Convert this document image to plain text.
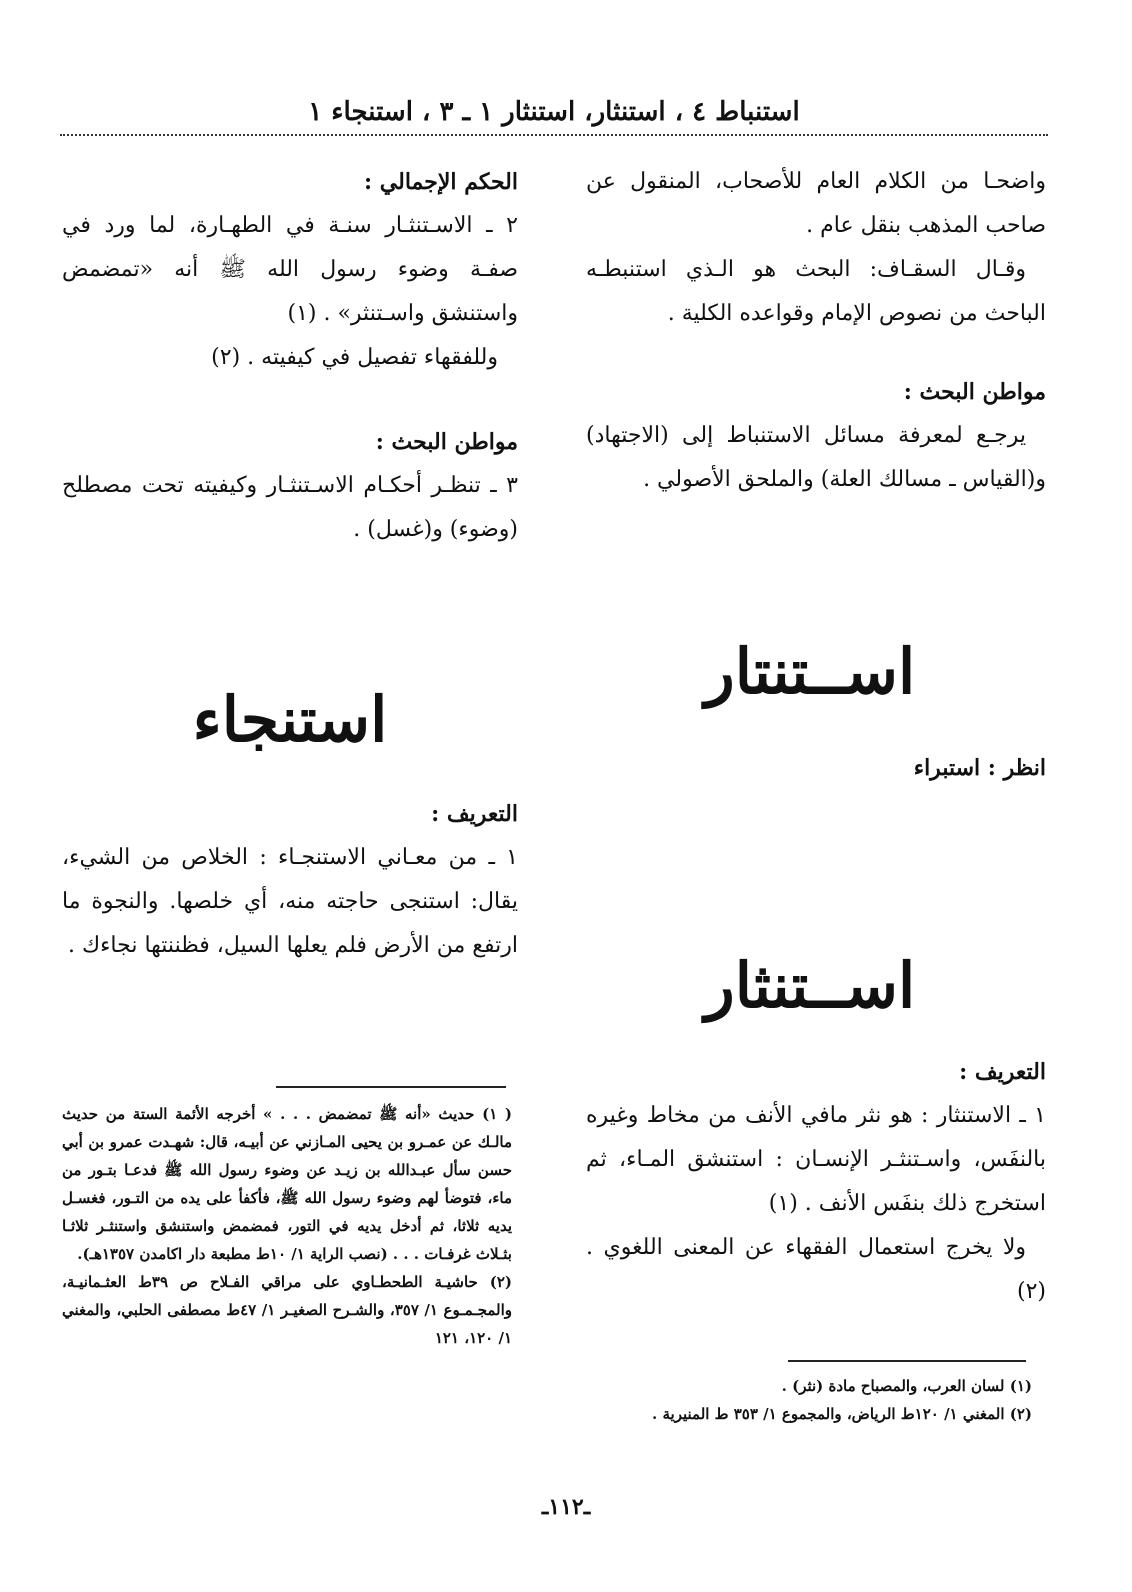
استنباط ٤ ، استنثار، استنثار ١ ـ ٣ ، استنجاء ١

واضحـا من الكلام العام للأصحاب، المنقول عن صاحب المذهب بنقل عام .

وقـال السقـاف: البحث هو الـذي استنبطـه الباحث من نصوص الإمام وقواعده الكلية .

مواطن البحث :

يرجـع لمعرفة مسائل الاستنباط إلى (الاجتهاد) و(القياس ـ مسالك العلة) والملحق الأصولي .

الحكم الإجمالي :

٢ ـ الاسـتنثـار سنـة في الطهـارة، لما ورد في صفـة وضوء رسول الله ﷺ أنه «تمضمض واستنشق واسـتنثر» . (١)

وللفقهاء تفصيل في كيفيته . (٢)

مواطن البحث :

٣ ـ تنظـر أحكـام الاسـتنثـار وكيفيته تحت مصطلح (وضوء) و(غسل) .

اســتنتار
انظر : استبراء
استنجاء

التعريف :

١ ـ من معـاني الاستنجـاء : الخلاص من الشيء، يقال: استنجى حاجته منه، أي خلصها. والنجوة ما ارتفع من الأرض فلم يعلها السيل، فظننتها نجاءك .

اســتنثار

التعريف :

١ ـ الاستنثار : هو نثر مافي الأنف من مخاط وغيره بالنفَس، واسـتنثـر الإنسـان : استنشق المـاء، ثم استخرج ذلك بنفَس الأنف . (١)

ولا يخرج استعمال الفقهاء عن المعنى اللغوي . (٢)

( ١) حديث «أنه ﷺ تمضمض . . . » أخرجه الأئمة الستة من حديث مالـك عن عمـرو بن يحيى المـازني عن أبيـه، قال: شهـدت عمرو بن أبي حسن سأل عبـدالله بن زيـد عن وضوء رسول الله ﷺ فدعـا بتـور من ماء، فتوضأ لهم وضوء رسول الله ﷺ، فأكفأ على يده من التـور، فغسـل يديه ثلاثا، ثم أدخل يديه في التور، فمضمض واستنشق واستنثـر ثلاثـا بثـلاث غرفـات . . . (نصب الراية ١/ ١٠ط مطبعة دار اكامدن ١٣٥٧هـ).

(٢) حاشيـة الطحطـاوي على مراقي الفـلاح ص ٣٩ط العثـمانيـة، والمجـمـوع ١/ ٣٥٧، والشـرح الصغيـر ١/ ٤٧ط مصطفى الحلبي، والمغني ١/ ١٢٠، ١٢١

(١) لسان العرب، والمصباح مادة (نثر) .

(٢) المغني ١/ ١٢٠ط الرياض، والمجموع ١/ ٣٥٣ ط المنيرية .

ـ١١٢ـ
